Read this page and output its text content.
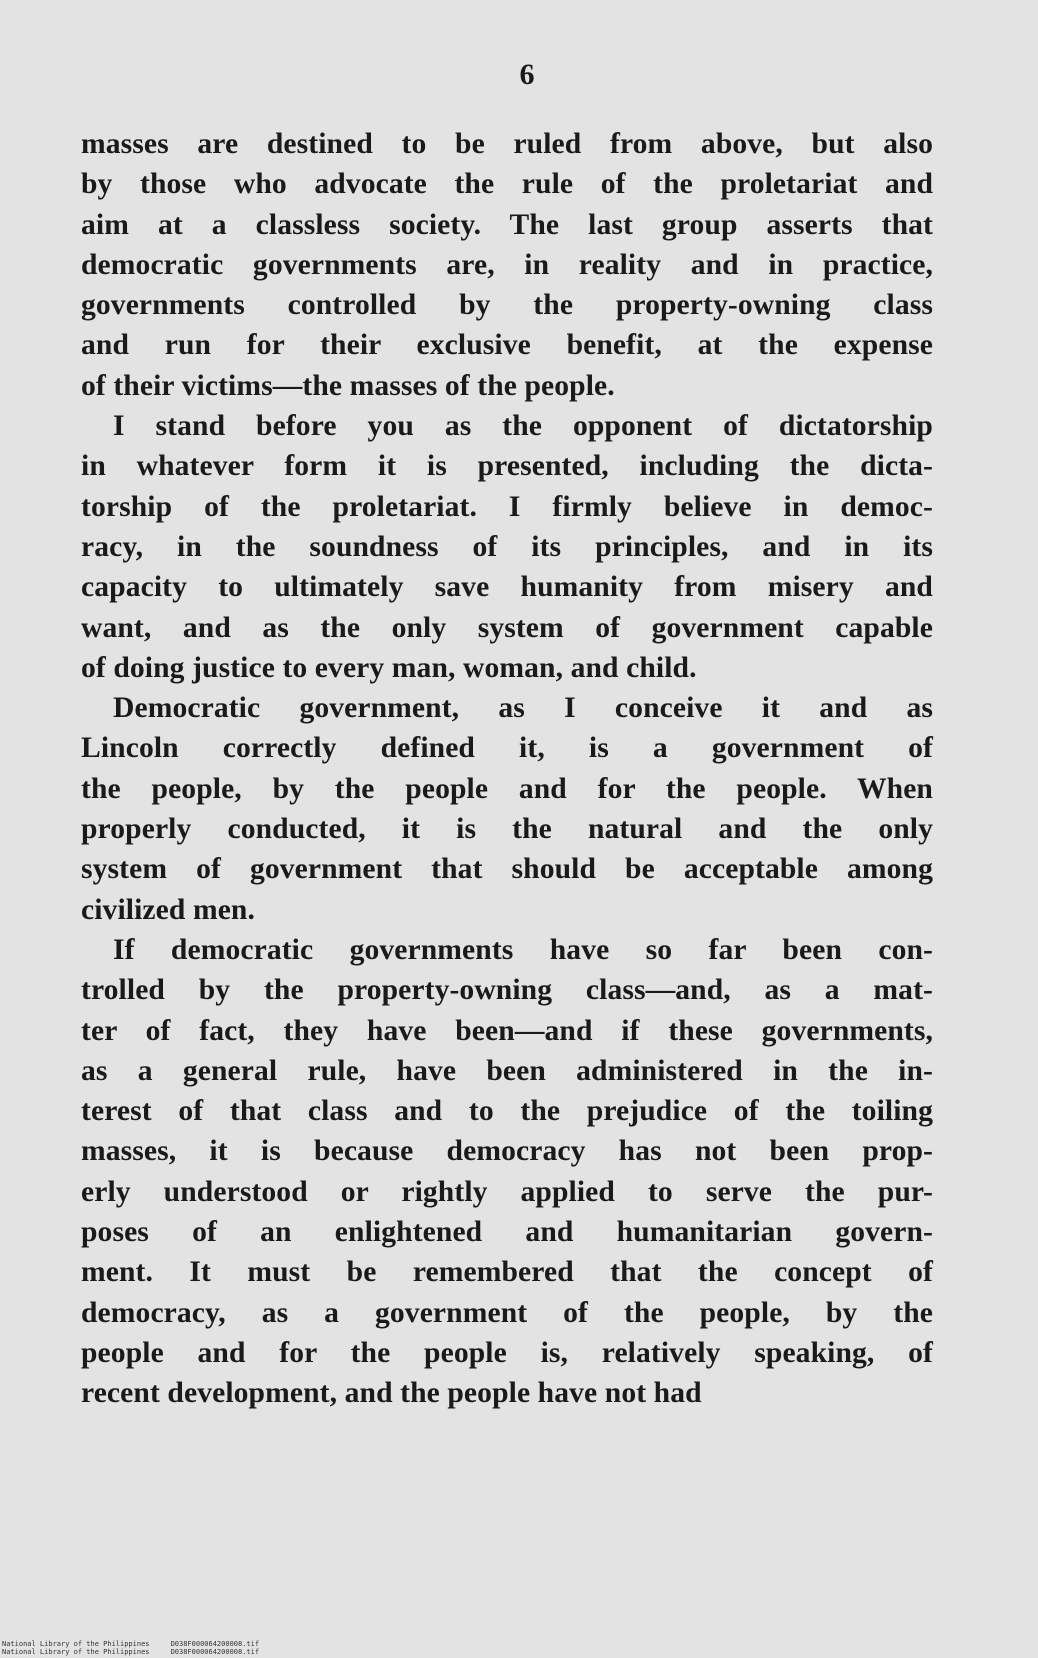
6

masses are destined to be ruled from above, but also
by those who advocate the rule of the proletariat and
aim at a classless society. The last group asserts that
democratic governments are, in reality and in practice,
governments controlled by the property-owning class
and run for their exclusive benefit, at the expense
of their victims—the masses of the people.

I stand before you as the opponent of dictatorship
in whatever form it is presented, including the dicta-
torship of the proletariat. I firmly believe in democ-
racy, in the soundness of its principles, and in its
capacity to ultimately save humanity from misery and
want, and as the only system of government capable
of doing justice to every man, woman, and child.

Democratic government, as I conceive it and as
Lincoln correctly defined it, is a government of
the people, by the people and for the people. When
properly conducted, it is the natural and the only
system of government that should be acceptable among
civilized men.

If democratic governments have so far been con-
trolled by the property-owning class—and, as a mat-
ter of fact, they have been—and if these governments,
as a general rule, have been administered in the in-
terest of that class and to the prejudice of the toiling
masses, it is because democracy has not been prop-
erly understood or rightly applied to serve the pur-
poses of an enlightened and humanitarian govern-
ment. It must be remembered that the concept of
democracy, as a government of the people, by the
people and for the people is, relatively speaking, of
recent development, and the people have not had

National Library of the Philippines     D038F000064200008.tif
National Library of the Philippines     D038F000064200008.tif
